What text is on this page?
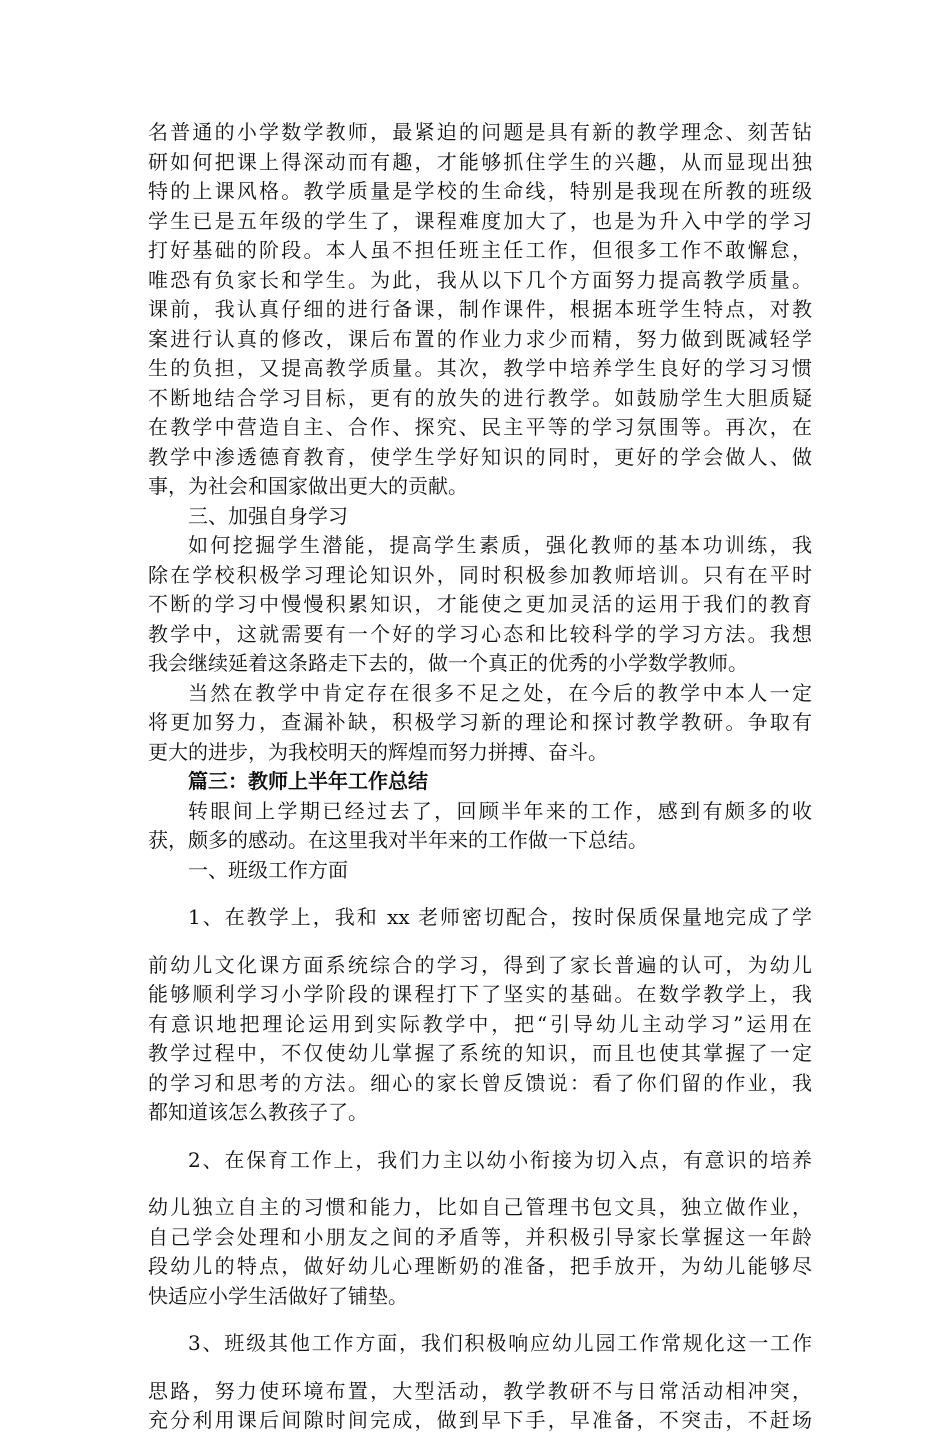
名普通的小学数学教师，最紧迫的问题是具有新的教学理念、刻苦钻
研如何把课上得深动而有趣，才能够抓住学生的兴趣，从而显现出独
特的上课风格。教学质量是学校的生命线，特别是我现在所教的班级
学生已是五年级的学生了，课程难度加大了，也是为升入中学的学习
打好基础的阶段。本人虽不担任班主任工作，但很多工作不敢懈怠，
唯恐有负家长和学生。为此，我从以下几个方面努力提高教学质量。
课前，我认真仔细的进行备课，制作课件，根据本班学生特点，对教
案进行认真的修改，课后布置的作业力求少而精，努力做到既减轻学
生的负担，又提高教学质量。其次，教学中培养学生良好的学习习惯
不断地结合学习目标，更有的放失的进行教学。如鼓励学生大胆质疑
在教学中营造自主、合作、探究、民主平等的学习氛围等。再次，在
教学中渗透德育教育，使学生学好知识的同时，更好的学会做人、做
事，为社会和国家做出更大的贡献。
三、加强自身学习
如何挖掘学生潜能，提高学生素质，强化教师的基本功训练，我
除在学校积极学习理论知识外，同时积极参加教师培训。只有在平时
不断的学习中慢慢积累知识，才能使之更加灵活的运用于我们的教育
教学中，这就需要有一个好的学习心态和比较科学的学习方法。我想
我会继续延着这条路走下去的，做一个真正的优秀的小学数学教师。
当然在教学中肯定存在很多不足之处，在今后的教学中本人一定
将更加努力，查漏补缺，积极学习新的理论和探讨教学教研。争取有
更大的进步，为我校明天的辉煌而努力拼搏、奋斗。
篇三：教师上半年工作总结
转眼间上学期已经过去了，回顾半年来的工作，感到有颇多的收
获，颇多的感动。在这里我对半年来的工作做一下总结。
一、班级工作方面
1、在教学上，我和 xx 老师密切配合，按时保质保量地完成了学
前幼儿文化课方面系统综合的学习，得到了家长普遍的认可，为幼儿
能够顺利学习小学阶段的课程打下了坚实的基础。在数学教学上，我
有意识地把理论运用到实际教学中，把“引导幼儿主动学习”运用在
教学过程中，不仅使幼儿掌握了系统的知识，而且也使其掌握了一定
的学习和思考的方法。细心的家长曾反馈说：看了你们留的作业，我
都知道该怎么教孩子了。
2、在保育工作上，我们力主以幼小衔接为切入点，有意识的培养
幼儿独立自主的习惯和能力，比如自己管理书包文具，独立做作业，
自己学会处理和小朋友之间的矛盾等，并积极引导家长掌握这一年龄
段幼儿的特点，做好幼儿心理断奶的准备，把手放开，为幼儿能够尽
快适应小学生活做好了铺垫。
3、班级其他工作方面，我们积极响应幼儿园工作常规化这一工作
思路，努力使环境布置，大型活动，教学教研不与日常活动相冲突，
充分利用课后间隙时间完成，做到早下手，早准备，不突击，不赶场
